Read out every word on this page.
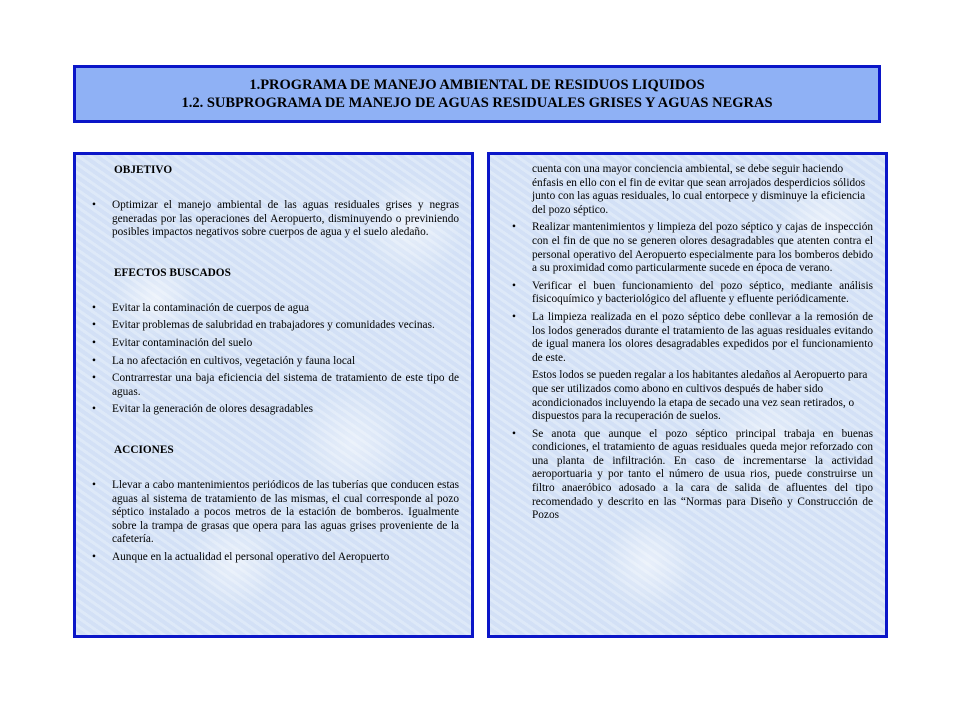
1.PROGRAMA DE MANEJO AMBIENTAL DE RESIDUOS LIQUIDOS
1.2. SUBPROGRAMA DE MANEJO DE AGUAS RESIDUALES GRISES Y AGUAS NEGRAS
OBJETIVO
• Optimizar el manejo ambiental de las aguas residuales grises y negras generadas por las operaciones del Aeropuerto, disminuyendo o previniendo posibles impactos negativos sobre cuerpos de agua y el suelo aledaño.
EFECTOS BUSCADOS
• Evitar la contaminación de cuerpos de agua
• Evitar problemas de salubridad en trabajadores y comunidades vecinas.
• Evitar contaminación del suelo
• La no afectación en cultivos, vegetación y fauna local
• Contrarrestar una baja eficiencia del sistema de tratamiento de este tipo de aguas.
• Evitar la generación de olores desagradables
ACCIONES
• Llevar a cabo mantenimientos periódicos de las tuberías que conducen estas aguas al sistema de tratamiento de las mismas, el cual corresponde al pozo séptico instalado a pocos metros de la estación de bomberos. Igualmente sobre la trampa de grasas que opera para las aguas grises proveniente de la cafetería.
• Aunque en la actualidad el personal operativo del Aeropuerto
cuenta con una mayor conciencia ambiental, se debe seguir haciendo énfasis en ello con el fin de evitar que sean arrojados desperdicios sólidos junto con las aguas residuales, lo cual entorpece y disminuye la eficiencia del pozo séptico.
• Realizar mantenimientos y limpieza del pozo séptico y cajas de inspección con el fin de que no se generen olores desagradables que atenten contra el personal operativo del Aeropuerto especialmente para los bomberos debido a su proximidad como particularmente sucede en época de verano.
• Verificar el buen funcionamiento del pozo séptico, mediante análisis fisicoquímico y bacteriológico del afluente y efluente periódicamente.
• La limpieza realizada en el pozo séptico debe conllevar a la remosión de los lodos generados durante el tratamiento de las aguas residuales evitando de igual manera los olores desagradables expedidos por el funcionamiento de este.
Estos lodos se pueden regalar a los habitantes aledaños al Aeropuerto para que ser utilizados como abono en cultivos después de haber sido acondicionados incluyendo la etapa de secado una vez sean retirados, o dispuestos para la recuperación de suelos.
• Se anota que aunque el pozo séptico principal trabaja en buenas condiciones, el tratamiento de aguas residuales queda mejor reforzado con una planta de infiltración. En caso de incrementarse la actividad aeroportuaria y por tanto el número de usua rios, puede construirse un filtro anaeróbico adosado a la cara de salida de afluentes del tipo recomendado y descrito en las “Normas para Diseño y Construcción de Pozos
